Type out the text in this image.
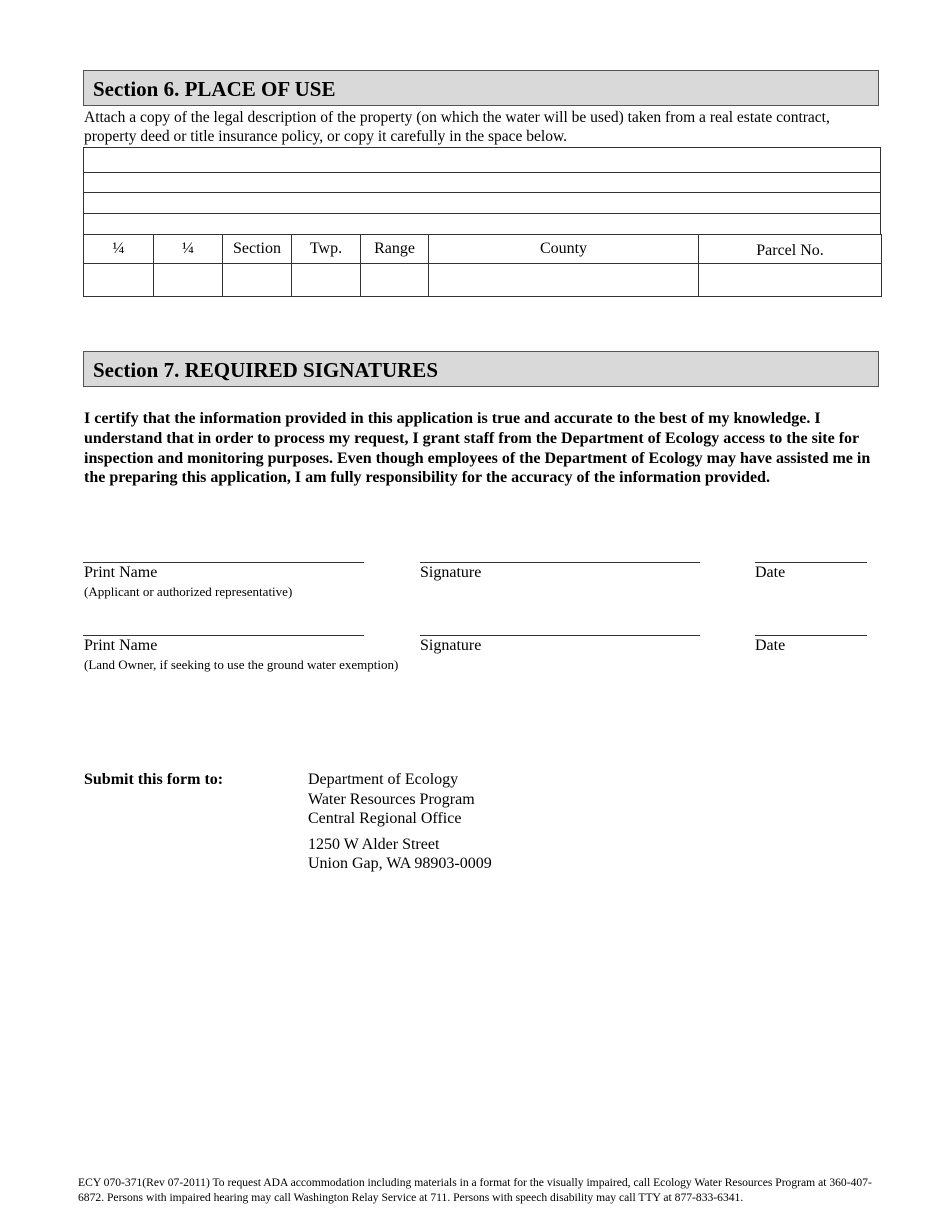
Section 6. PLACE OF USE
Attach a copy of the legal description of the property (on which the water will be used) taken from a real estate contract, property deed or title insurance policy, or copy it carefully in the space below.
¼	¼	Section	Twp.	Range	County	Parcel No.

Section 7. REQUIRED SIGNATURES
I certify that the information provided in this application is true and accurate to the best of my knowledge. I understand that in order to process my request, I grant staff from the Department of Ecology access to the site for inspection and monitoring purposes. Even though employees of the Department of Ecology may have assisted me in the preparing this application, I am fully responsibility for the accuracy of the information provided.
Print Name
(Applicant or authorized representative)
Signature	Date
Print Name
(Land Owner, if seeking to use the ground water exemption)
Signature	Date
Submit this form to:	Department of Ecology
Water Resources Program
Central Regional Office
1250 W Alder Street
Union Gap, WA 98903-0009
ECY 070-371(Rev 07-2011) To request ADA accommodation including materials in a format for the visually impaired, call Ecology Water Resources Program at 360-407-6872. Persons with impaired hearing may call Washington Relay Service at 711. Persons with speech disability may call TTY at 877-833-6341.
